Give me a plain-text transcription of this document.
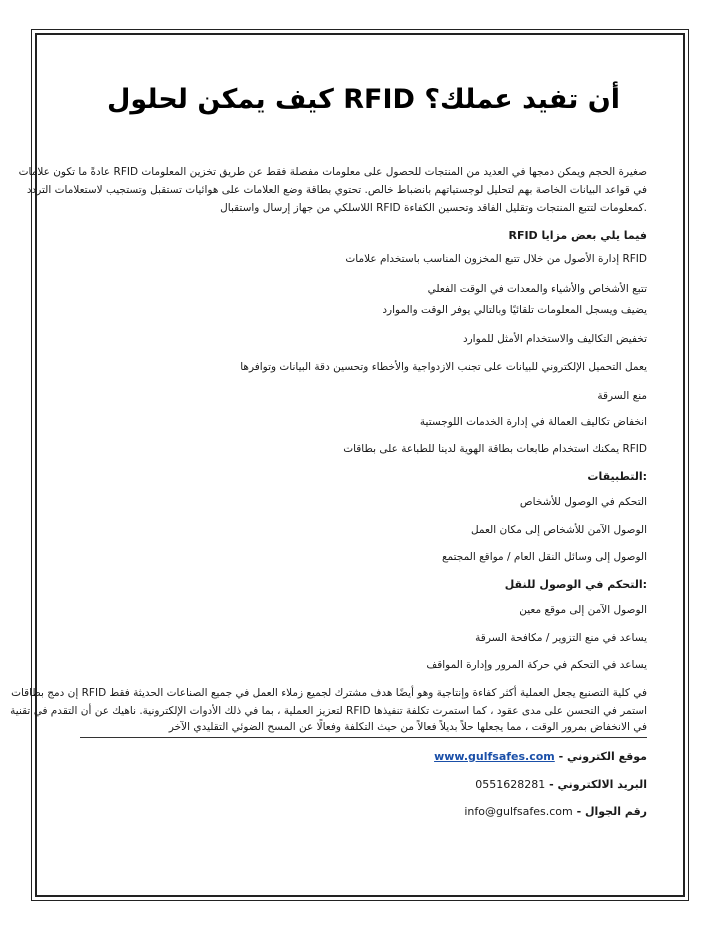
أن تفيد عملك؟ RFID كيف يمكن لحلول
صغيرة الحجم ويمكن دمجها في العديد من المنتجات للحصول على معلومات مفصلة فقط عن طريق تخزين المعلومات RFID عادةً ما تكون علامات
في قواعد البيانات الخاصة بهم لتحليل لوجستياتهم بانضباط خالص. تحتوي بطاقة وضع العلامات على هوائيات تستقبل وتستجيب لاستعلامات التردد
.كمعلومات لتتبع المنتجات وتقليل الفاقد وتحسين الكفاءة RFID اللاسلكي من جهاز إرسال واستقبال
فيما يلي بعض مزايا RFID
RFID إدارة الأصول من خلال تتبع المخزون المناسب باستخدام علامات
تتبع الأشخاص والأشياء والمعدات في الوقت الفعلي
يضيف ويسجل المعلومات تلقائيًا وبالتالي يوفر الوقت والموارد
تخفيض التكاليف والاستخدام الأمثل للموارد
يعمل التحميل الإلكتروني للبيانات على تجنب الازدواجية والأخطاء وتحسين دقة البيانات وتوافرها
منع السرقة
انخفاض تكاليف العمالة في إدارة الخدمات اللوجستية
RFID يمكنك استخدام طابعات بطاقة الهوية لدينا للطباعة على بطاقات
:التطبيقات
التحكم في الوصول للأشخاص
الوصول الآمن للأشخاص إلى مكان العمل
الوصول إلى وسائل النقل العام / مواقع المجتمع
:التحكم في الوصول للنقل
الوصول الآمن إلى موقع معين
يساعد في منع التزوير / مكافحة السرقة
يساعد في التحكم في حركة المرور وإدارة المواقف
في كلية التصنيع يجعل العملية أكثر كفاءة وإنتاجية وهو أيضًا هدف مشترك لجميع زملاء العمل في جميع الصناعات الحديثة فقط RFID إن دمج بطاقات
استمر في التحسن على مدى عقود ، كما استمرت تكلفة تنفيذها RFID لتعزيز العملية ، بما في ذلك الأدوات الإلكترونية. ناهيك عن أن التقدم في تقنية
في الانخفاض بمرور الوقت ، مما يجعلها حلاً بديلاً فعالاً من حيث التكلفة وفعالًا عن المسح الضوئي التقليدي الآخر
موقع الكتروني - www.gulfsafes.com
البريد الالكتروني - 0551628281
رقم الجوال - info@gulfsafes.com
